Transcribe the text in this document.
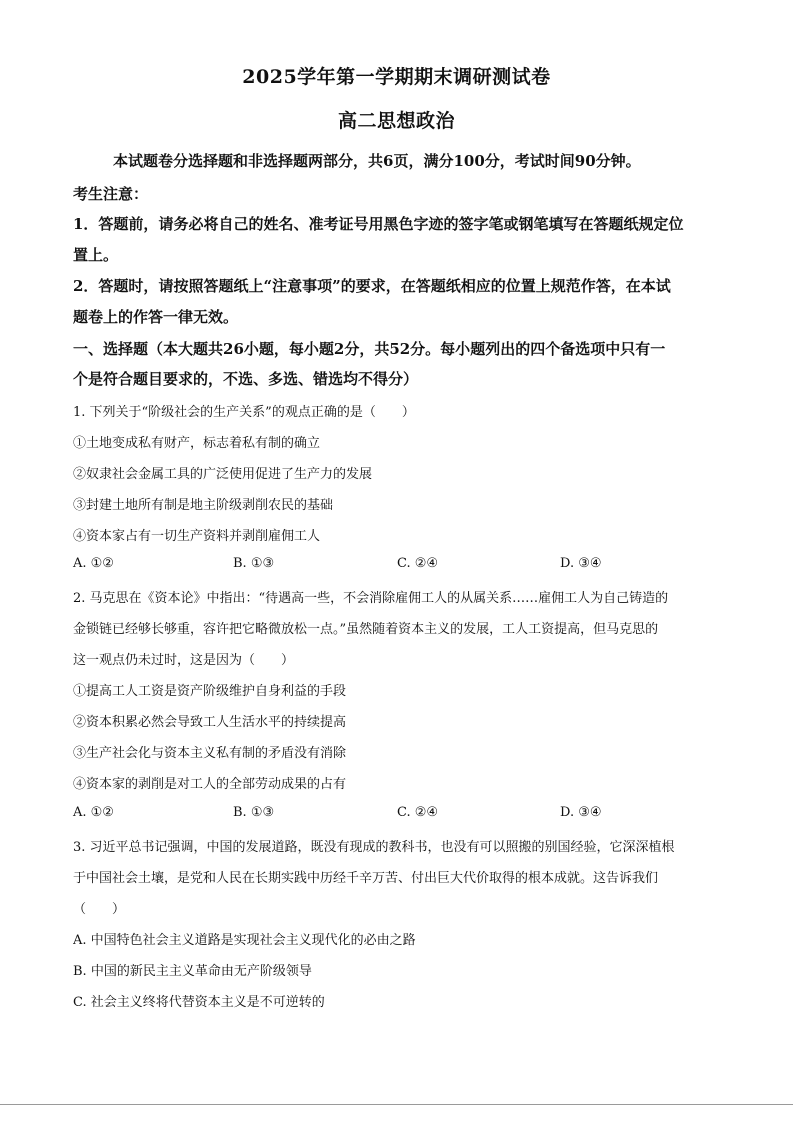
2025学年第一学期期末调研测试卷
高二思想政治
本试题卷分选择题和非选择题两部分，共6页，满分100分，考试时间90分钟。
考生注意：
1．答题前，请务必将自己的姓名、准考证号用黑色字迹的签字笔或钢笔填写在答题纸规定位
置上。
2．答题时，请按照答题纸上“注意事项”的要求，在答题纸相应的位置上规范作答，在本试
题卷上的作答一律无效。
一、选择题（本大题共26小题，每小题2分，共52分。每小题列出的四个备选项中只有一
个是符合题目要求的，不选、多选、错选均不得分）
1. 下列关于“阶级社会的生产关系”的观点正确的是（　　）
①土地变成私有财产，标志着私有制的确立
②奴隶社会金属工具的广泛使用促进了生产力的发展
③封建土地所有制是地主阶级剥削农民的基础
④资本家占有一切生产资料并剥削雇佣工人
A. ①②	B. ①③	C. ②④	D. ③④
2. 马克思在《资本论》中指出：“待遇高一些，不会消除雇佣工人的从属关系……雇佣工人为自己铸造的
金锁链已经够长够重，容许把它略微放松一点。”虽然随着资本主义的发展，工人工资提高，但马克思的
这一观点仍未过时，这是因为（　　）
①提高工人工资是资产阶级维护自身利益的手段
②资本积累必然会导致工人生活水平的持续提高
③生产社会化与资本主义私有制的矛盾没有消除
④资本家的剥削是对工人的全部劳动成果的占有
A. ①②	B. ①③	C. ②④	D. ③④
3. 习近平总书记强调，中国的发展道路，既没有现成的教科书，也没有可以照搬的别国经验，它深深植根
于中国社会土壤，是党和人民在长期实践中历经千辛万苦、付出巨大代价取得的根本成就。这告诉我们
（　　）
A. 中国特色社会主义道路是实现社会主义现代化的必由之路
B. 中国的新民主主义革命由无产阶级领导
C. 社会主义终将代替资本主义是不可逆转的
